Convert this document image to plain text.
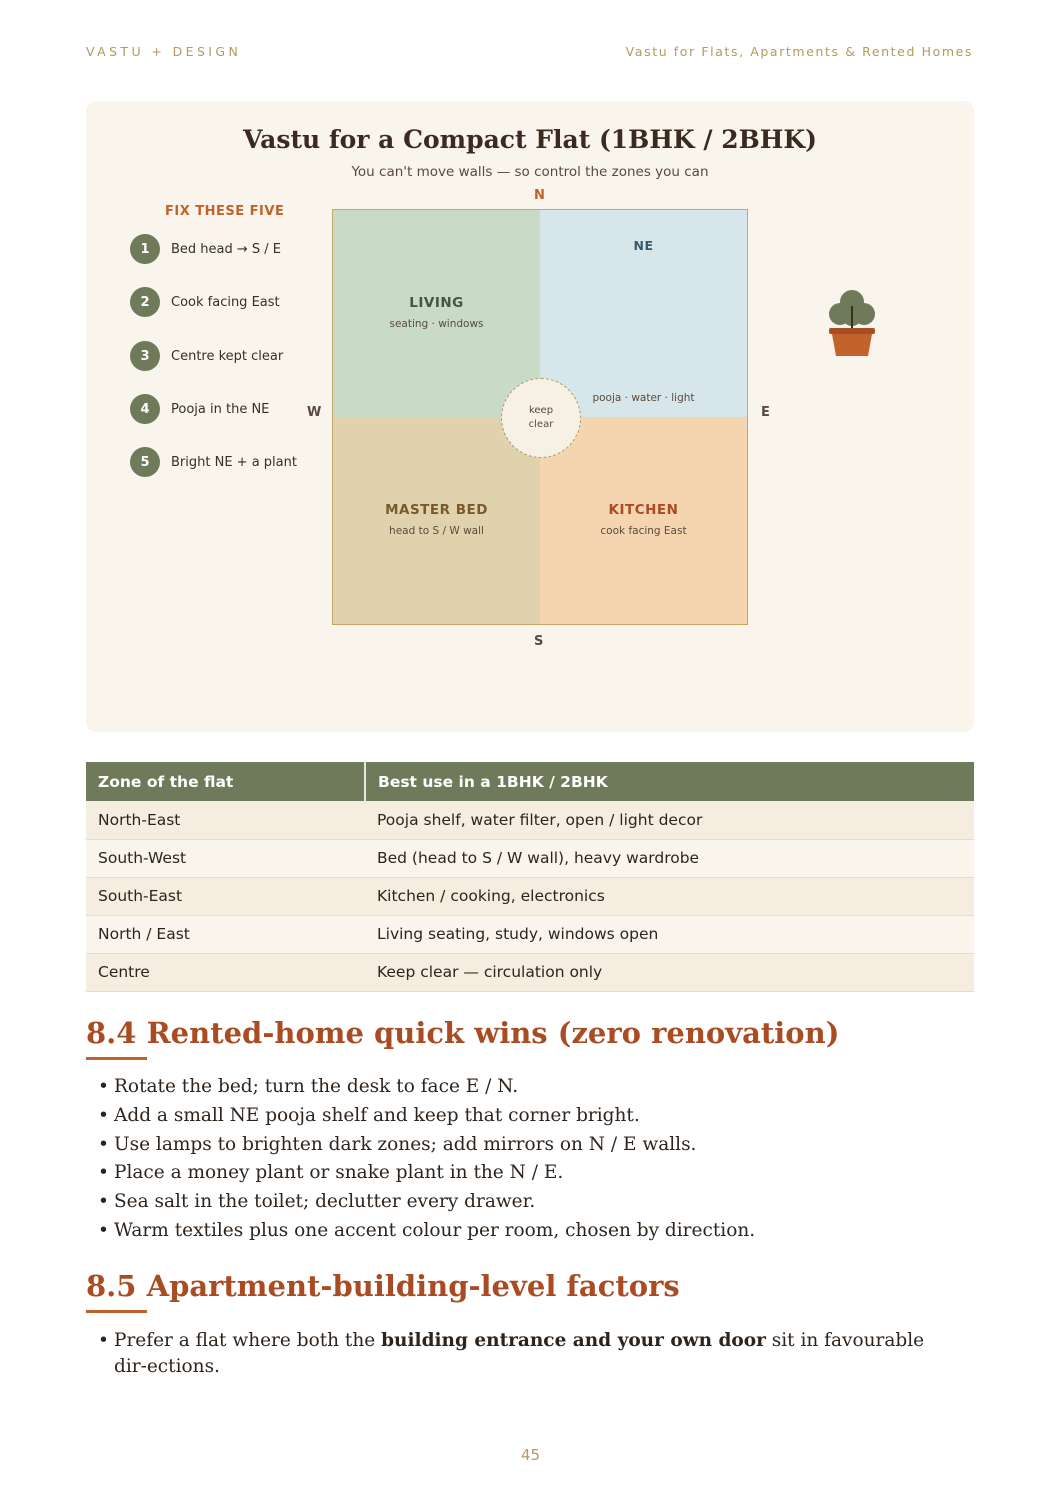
VASTU + DESIGN	Vastu for Flats, Apartments & Rented Homes
Vastu for a Compact Flat (1BHK / 2BHK)
You can't move walls — so control the zones you can
FIX THESE FIVE
1	Bed head → S / E
2	Cook facing East
3	Centre kept clear
4	Pooja in the NE
5	Bright NE + a plant
N
S
W	E
LIVING
seating · windows
NE
pooja · water · light
MASTER BED
head to S / W wall
KITCHEN
cook facing East
keep
clear
Zone of the flat	Best use in a 1BHK / 2BHK
North-East	Pooja shelf, water filter, open / light decor
South-West	Bed (head to S / W wall), heavy wardrobe
South-East	Kitchen / cooking, electronics
North / East	Living seating, study, windows open
Centre	Keep clear — circulation only
8.4 Rented-home quick wins (zero renovation)
• Rotate the bed; turn the desk to face E / N.
• Add a small NE pooja shelf and keep that corner bright.
• Use lamps to brighten dark zones; add mirrors on N / E walls.
• Place a money plant or snake plant in the N / E.
• Sea salt in the toilet; declutter every drawer.
• Warm textiles plus one accent colour per room, chosen by direction.
8.5 Apartment-building-level factors
• Prefer a flat where both the building entrance and your own door sit in favourable dir-ections.
45
